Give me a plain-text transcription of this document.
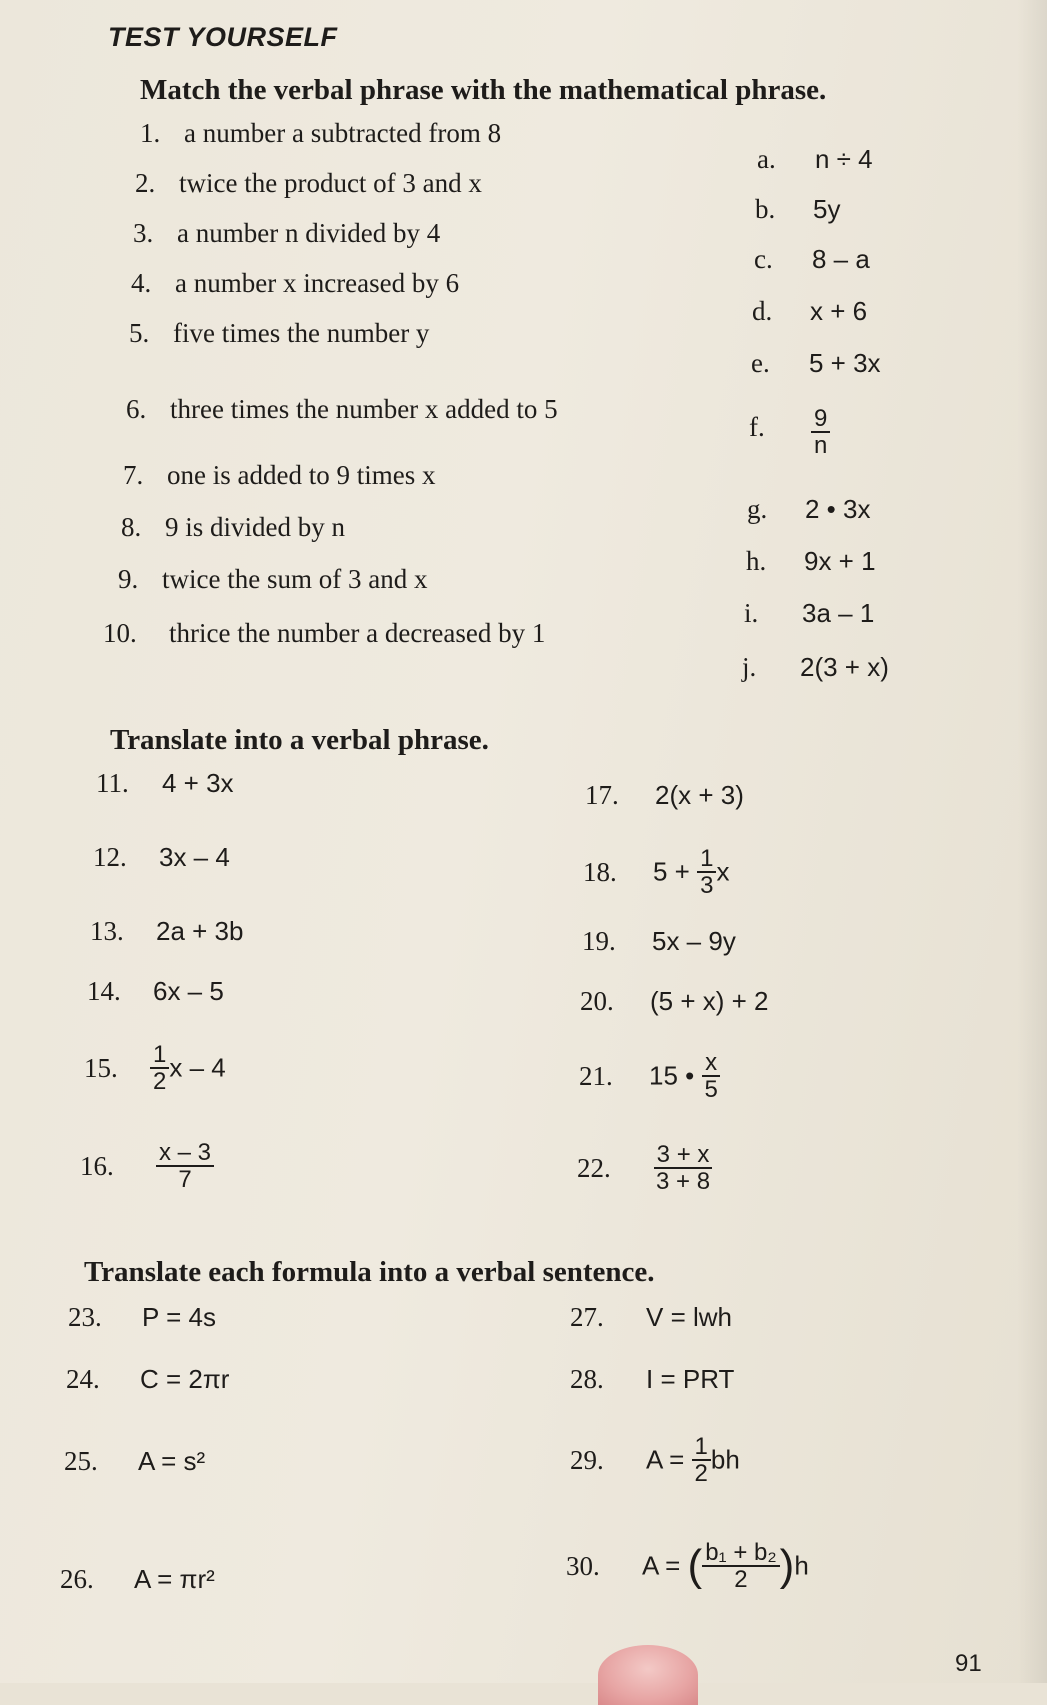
TEST YOURSELF
Match the verbal phrase with the mathematical phrase.
1. a number a subtracted from 8
2. twice the product of 3 and x
3. a number n divided by 4
4. a number x increased by 6
5. five times the number y
6. three times the number x added to 5
7. one is added to 9 times x
8. 9 is divided by n
9. twice the sum of 3 and x
10. thrice the number a decreased by 1
a. n ÷ 4
b. 5y
c. 8 – a
d. x + 6
e. 5 + 3x
f. $\frac{9}{n}$
g. 2 • 3x
h. 9x + 1
i. 3a – 1
j. 2(3 + x)
Translate into a verbal phrase.
11. 4 + 3x
12. 3x – 4
13. 2a + 3b
14. 6x – 5
15. $\frac{1}{2}$ x – 4
16. $\frac{x - 3}{7}$
17. 2(x + 3)
18. $5 + \frac{1}{3}$ x
19. 5x – 9y
20. (5 + x) + 2
21. 15 • $\frac{x}{5}$
22. $\frac{3 + x}{3 + 8}$
Translate each formula into a verbal sentence.
23. P = 4s
24. C = 2πr
25. A = s²
26. A = πr²
27. V = lwh
28. I = PRT
29. $A = \frac{1}{2}$ bh
30. A = ( $\frac{\text{b₁ + b₂}}{2} )h$
91
